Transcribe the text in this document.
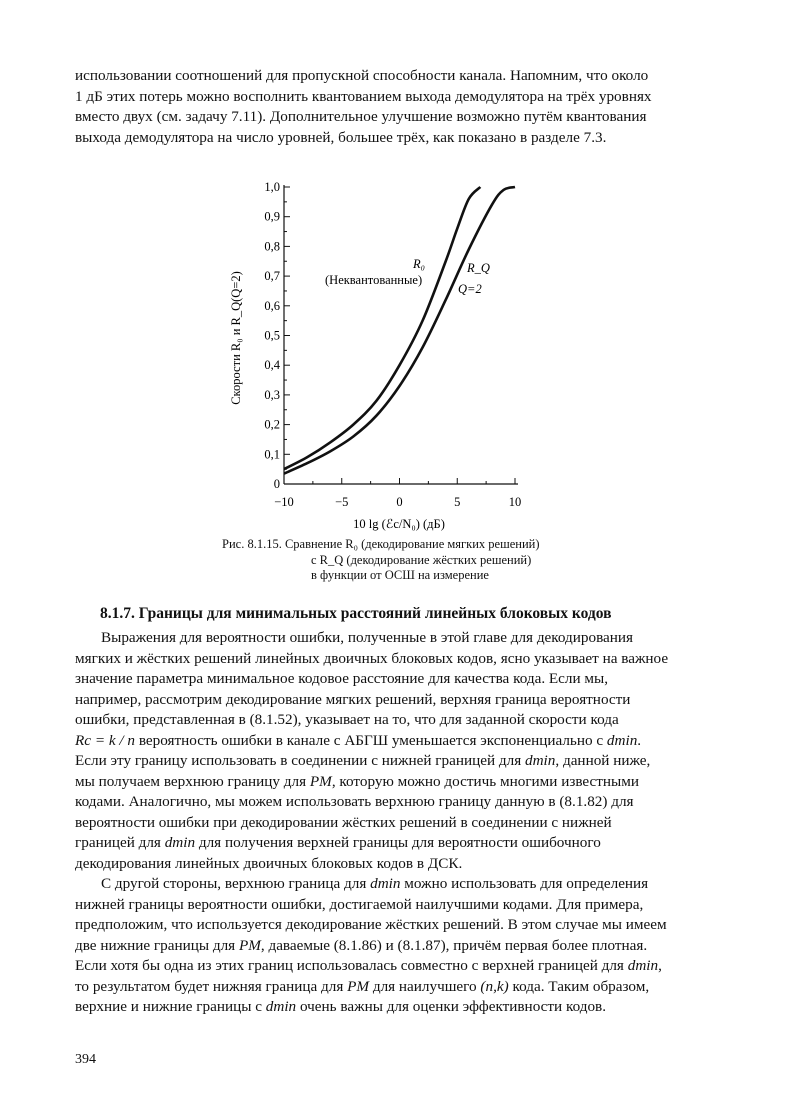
использовании соотношений для пропускной способности канала. Напомним, что около

1 дБ этих потерь можно восполнить квантованием выхода демодулятора на трёх уровнях

вместо двух (см. задачу 7.11). Дополнительное улучшение возможно путём квантования

выхода демодулятора на число уровней, большее трёх, как показано в разделе 7.3.

Скорости R₀ и R_Q(Q=2)
10 lg (ℰc/N₀) (дБ)
R₀
(Неквантованные)
R_Q
Q=2
0
0,1
0,2
0,3
0,4
0,5
0,6
0,7
0,8
0,9
1,0
−10	−5	0	5	10
Рис. 8.1.15. Сравнение R₀ (декодирование мягких решений)
с R_Q (декодирование жёстких решений)
в функции от ОСШ на измерение
8.1.7. Границы для минимальных расстояний линейных блоковых кодов

Выражения для вероятности ошибки, полученные в этой главе для декодирования

мягких и жёстких решений линейных двоичных блоковых кодов, ясно указывает на важное

значение параметра минимальное кодовое расстояние для качества кода. Если мы,

например, рассмотрим декодирование мягких решений, верхняя граница вероятности

ошибки, представленная в (8.1.52), указывает на то, что для заданной скорости кода

Rc = k / n вероятность ошибки в канале с АБГШ уменьшается экспоненциально с dmin.

Если эту границу использовать в соединении с нижней границей для dmin, данной ниже,

мы получаем верхнюю границу для PM, которую можно достичь многими известными

кодами. Аналогично, мы можем использовать верхнюю границу данную в (8.1.82) для

вероятности ошибки при декодировании жёстких решений в соединении с нижней

границей для dmin для получения верхней границы для вероятности ошибочного

декодирования линейных двоичных блоковых кодов в ДСК.

С другой стороны, верхнюю граница для dmin можно использовать для определения

нижней границы вероятности ошибки, достигаемой наилучшими кодами. Для примера,

предположим, что используется декодирование жёстких решений. В этом случае мы имеем

две нижние границы для PM, даваемые (8.1.86) и (8.1.87), причём первая более плотная.

Если хотя бы одна из этих границ использовалась совместно с верхней границей для dmin,

то результатом будет нижняя граница для PM для наилучшего (n,k) кода. Таким образом,

верхние и нижние границы с dmin очень важны для оценки эффективности кодов.

394
